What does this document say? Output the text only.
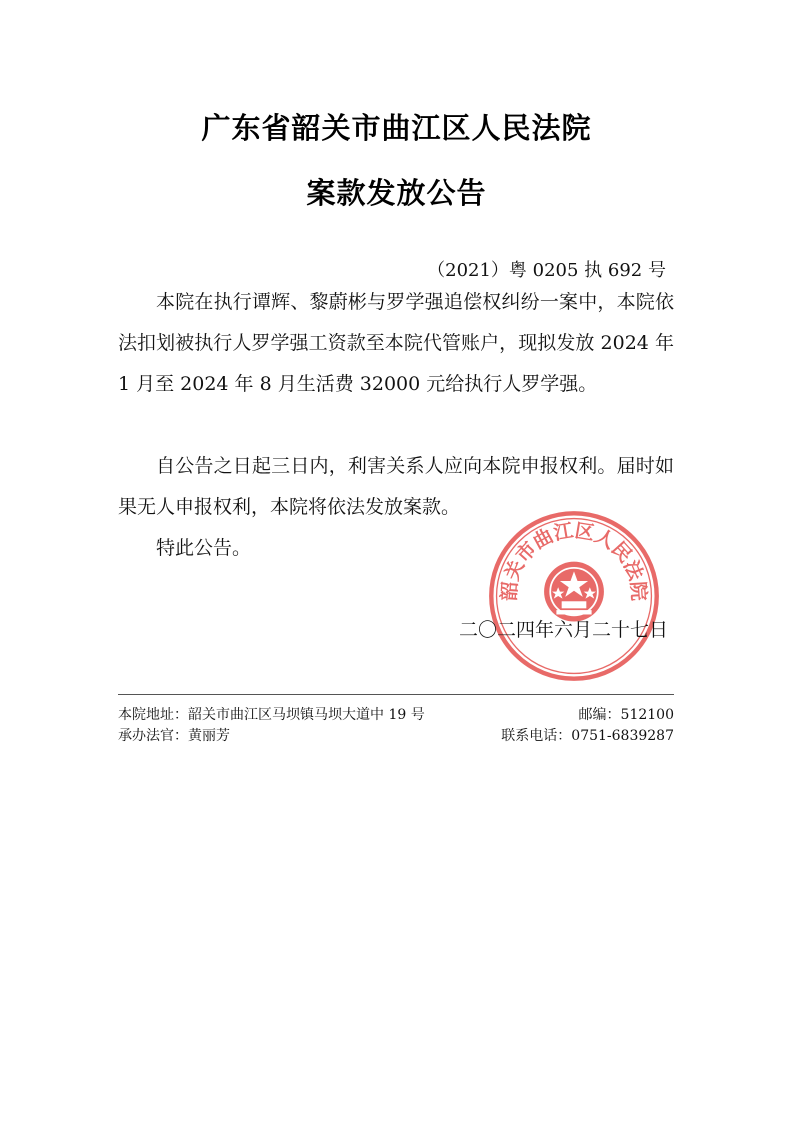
广东省韶关市曲江区人民法院
案款发放公告
（2021）粤 0205 执 692 号
本院在执行谭辉、黎蔚彬与罗学强追偿权纠纷一案中，本院依法扣划被执行人罗学强工资款至本院代管账户，现拟发放 2024 年 1 月至 2024 年 8 月生活费 32000 元给执行人罗学强。
自公告之日起三日内，利害关系人应向本院申报权利。届时如果无人申报权利，本院将依法发放案款。
特此公告。
韶关市曲江区人民法院
二〇二四年六月二十七日
本院地址：韶关市曲江区马坝镇马坝大道中 19 号	邮编：512100
承办法官：黄丽芳	联系电话：0751-6839287
